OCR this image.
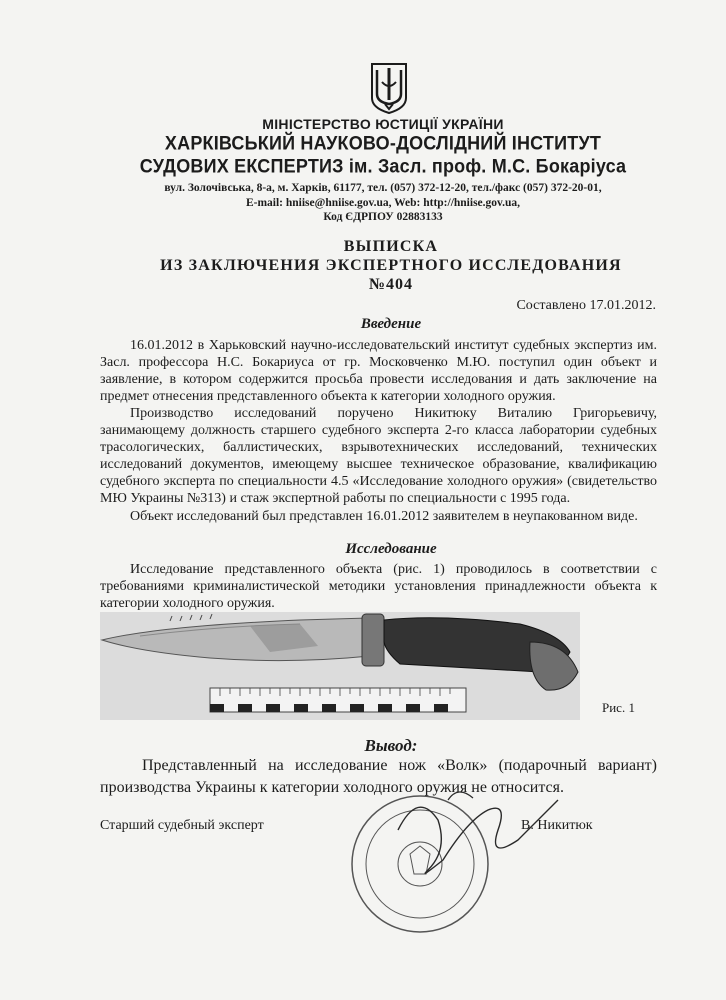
МІНІСТЕРСТВО ЮСТИЦІЇ УКРАЇНИ
ХАРКІВСЬКИЙ НАУКОВО-ДОСЛІДНИЙ ІНСТИТУТ
СУДОВИХ ЕКСПЕРТИЗ ім. Засл. проф. М.С. Бокаріуса
вул. Золочівська, 8-а, м. Харків, 61177, тел. (057) 372-12-20, тел./факс (057) 372-20-01,
E-mail: hniise@hniise.gov.ua, Web: http://hniise.gov.ua,
Код ЄДРПОУ 02883133
ВЫПИСКА
ИЗ ЗАКЛЮЧЕНИЯ ЭКСПЕРТНОГО ИССЛЕДОВАНИЯ
№404
Составлено 17.01.2012.
Введение
16.01.2012 в Харьковский научно-исследовательский институт судебных экспертиз им. Засл. профессора Н.С. Бокариуса от гр. Московченко М.Ю. поступил один объект и заявление, в котором содержится просьба провести исследования и дать заключение на предмет отнесения представленного объекта к категории холодного оружия.
Производство исследований поручено Никитюку Виталию Григорьевичу, занимающему должность старшего судебного эксперта 2-го класса лаборатории судебных трасологических, баллистических, взрывотехнических исследований, технических исследований документов, имеющему высшее техническое образование, квалификацию судебного эксперта по специальности 4.5 «Исследование холодного оружия» (свидетельство МЮ Украины №313) и стаж экспертной работы по специальности с 1995 года.
Объект исследований был представлен 16.01.2012 заявителем в неупакованном виде.
Исследование
Исследование представленного объекта (рис. 1) проводилось в соответствии с требованиями криминалистической методики установления принадлежности объекта к категории холодного оружия.
Рис. 1
Вывод:
Представленный на исследование нож «Волк» (подарочный вариант) производства Украины к категории холодного оружия не относится.
Старший судебный эксперт	В. Никитюк
